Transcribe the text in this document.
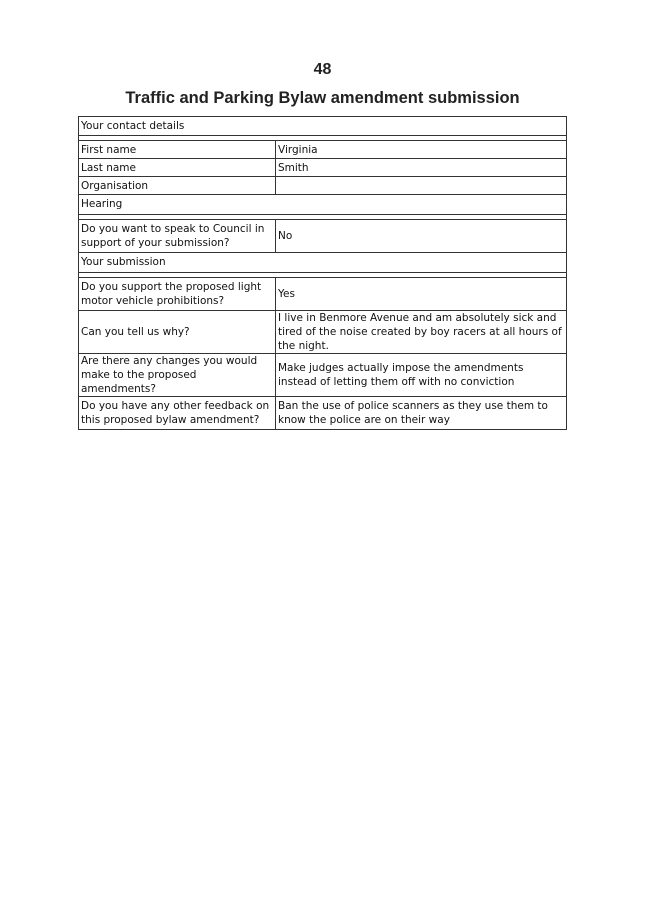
48
Traffic and Parking Bylaw amendment submission
Your contact details
First name	Virginia
Last name	Smith
Organisation	
Hearing
Do you want to speak to Council in support of your submission?	No
Your submission
Do you support the proposed light motor vehicle prohibitions?	Yes
Can you tell us why?	I live in Benmore Avenue and am absolutely sick and tired of the noise created by boy racers at all hours of the night.
Are there any changes you would make to the proposed amendments?	Make judges actually impose the amendments instead of letting them off with no conviction
Do you have any other feedback on this proposed bylaw amendment?	Ban the use of police scanners as they use them to know the police are on their way
